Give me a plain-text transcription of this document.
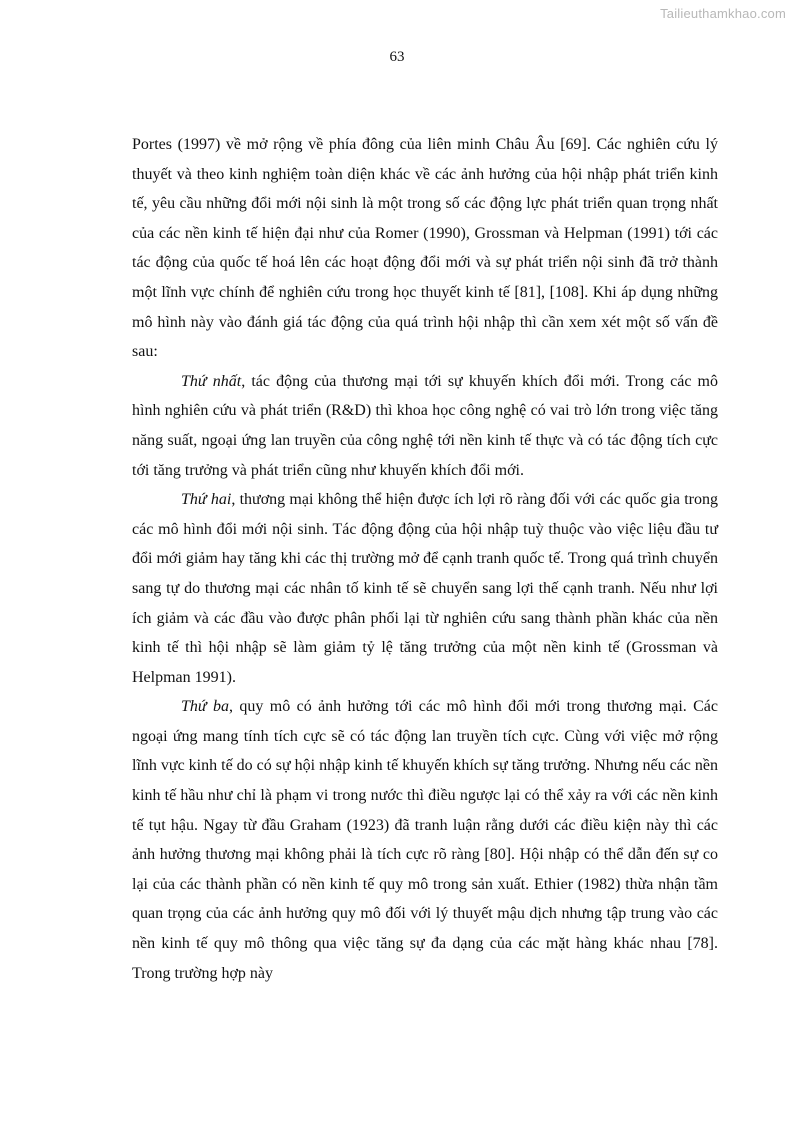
Tailieuthamkhao.com
63

Portes (1997) về mở rộng về phía đông của liên minh Châu Âu [69]. Các nghiên cứu lý thuyết và theo kinh nghiệm toàn diện khác về các ảnh hưởng của hội nhập phát triển kinh tế, yêu cầu những đổi mới nội sinh là một trong số các động lực phát triển quan trọng nhất của các nền kinh tế hiện đại như của Romer (1990), Grossman và Helpman (1991) tới các tác động của quốc tế hoá lên các hoạt động đổi mới và sự phát triển nội sinh đã trở thành một lĩnh vực chính để nghiên cứu trong học thuyết kinh tế [81], [108]. Khi áp dụng những mô hình này vào đánh giá tác động của quá trình hội nhập thì cần xem xét một số vấn đề sau:

Thứ nhất, tác động của thương mại tới sự khuyến khích đổi mới. Trong các mô hình nghiên cứu và phát triển (R&D) thì khoa học công nghệ có vai trò lớn trong việc tăng năng suất, ngoại ứng lan truyền của công nghệ tới nền kinh tế thực và có tác động tích cực tới tăng trưởng và phát triển cũng như khuyến khích đổi mới.

Thứ hai, thương mại không thể hiện được ích lợi rõ ràng đối với các quốc gia trong các mô hình đổi mới nội sinh. Tác động động của hội nhập tuỳ thuộc vào việc liệu đầu tư đổi mới giảm hay tăng khi các thị trường mở để cạnh tranh quốc tế. Trong quá trình chuyển sang tự do thương mại các nhân tố kinh tế sẽ chuyển sang lợi thế cạnh tranh. Nếu như lợi ích giảm và các đầu vào được phân phối lại từ nghiên cứu sang thành phần khác của nền kinh tế thì hội nhập sẽ làm giảm tỷ lệ tăng trưởng của một nền kinh tế (Grossman và Helpman 1991).

Thứ ba, quy mô có ảnh hưởng tới các mô hình đổi mới trong thương mại. Các ngoại ứng mang tính tích cực sẽ có tác động lan truyền tích cực. Cùng với việc mở rộng lĩnh vực kinh tế do có sự hội nhập kinh tế khuyến khích sự tăng trưởng. Nhưng nếu các nền kinh tế hầu như chỉ là phạm vi trong nước thì điều ngược lại có thể xảy ra với các nền kinh tế tụt hậu. Ngay từ đầu Graham (1923) đã tranh luận rằng dưới các điều kiện này thì các ảnh hưởng thương mại không phải là tích cực rõ ràng [80]. Hội nhập có thể dẫn đến sự co lại của các thành phần có nền kinh tế quy mô trong sản xuất. Ethier (1982) thừa nhận tầm quan trọng của các ảnh hưởng quy mô đối với lý thuyết mậu dịch nhưng tập trung vào các nền kinh tế quy mô thông qua việc tăng sự đa dạng của các mặt hàng khác nhau [78]. Trong trường hợp này
